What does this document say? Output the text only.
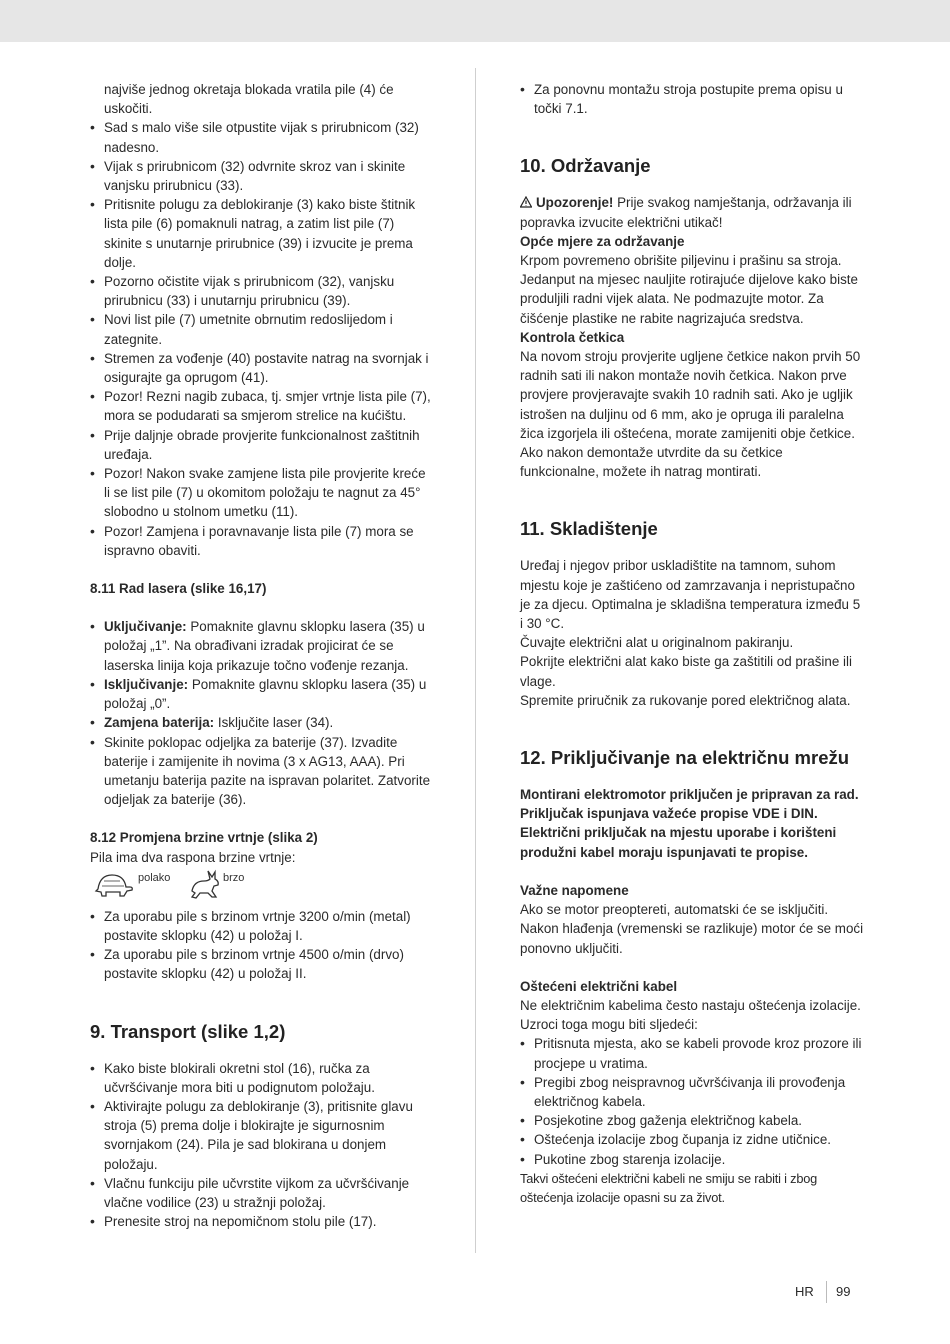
najviše jednog okretaja blokada vratila pile (4) će uskočiti.
• Sad s malo više sile otpustite vijak s prirubnicom (32) nadesno.
• Vijak s prirubnicom (32) odvrnite skroz van i skinite vanjsku prirubnicu (33).
• Pritisnite polugu za deblokiranje (3) kako biste štitnik lista pile (6) pomaknuli natrag, a zatim list pile (7) skinite s unutarnje prirubnice (39) i izvucite je prema dolje.
• Pozorno očistite vijak s prirubnicom (32), vanjsku prirubnicu (33) i unutarnju prirubnicu (39).
• Novi list pile (7) umetnite obrnutim redoslijedom i zategnite.
• Stremen za vođenje (40) postavite natrag na svornjak i osigurajte ga oprugom (41).
• Pozor! Rezni nagib zubaca, tj. smjer vrtnje lista pile (7), mora se podudarati sa smjerom strelice na kućištu.
• Prije daljnje obrade provjerite funkcionalnost zaštitnih uređaja.
• Pozor! Nakon svake zamjene lista pile provjerite kreće li se list pile (7) u okomitom položaju te nagnut za 45° slobodno u stolnom umetku (11).
• Pozor! Zamjena i poravnavanje lista pile (7) mora se ispravno obaviti.

8.11 Rad lasera (slike 16,17)

• Uključivanje: Pomaknite glavnu sklopku lasera (35) u položaj „1”. Na obrađivani izradak projicirat će se laserska linija koja prikazuje točno vođenje rezanja.
• Isključivanje: Pomaknite glavnu sklopku lasera (35) u položaj „0”.
• Zamjena baterija: Isključite laser (34).
• Skinite poklopac odjeljka za baterije (37). Izvadite baterije i zamijenite ih novima (3 x AG13, AAA). Pri umetanju baterija pazite na ispravan polaritet. Zatvorite odjeljak za baterije (36).

8.12 Promjena brzine vrtnje (slika 2)

Pila ima dva raspona brzine vrtnje:

polako	brzo
• Za uporabu pile s brzinom vrtnje 3200 o/min (metal) postavite sklopku (42) u položaj I.
• Za uporabu pile s brzinom vrtnje 4500 o/min (drvo) postavite sklopku (42) u položaj II.

9. Transport (slike 1,2)

• Kako biste blokirali okretni stol (16), ručka za učvršćivanje mora biti u podignutom položaju.
• Aktivirajte polugu za deblokiranje (3), pritisnite glavu stroja (5) prema dolje i blokirajte je sigurnosnim svornjakom (24). Pila je sad blokirana u donjem položaju.
• Vlačnu funkciju pile učvrstite vijkom za učvršćivanje vlačne vodilice (23) u stražnji položaj.
• Prenesite stroj na nepomičnom stolu pile (17).
• Za ponovnu montažu stroja postupite prema opisu u točki 7.1.

10. Održavanje

Upozorenje! Prije svakog namještanja, održavanja ili popravka izvucite električni utikač!

Opće mjere za održavanje

Krpom povremeno obrišite piljevinu i prašinu sa stroja. Jedanput na mjesec nauljite rotirajuće dijelove kako biste produljili radni vijek alata. Ne podmazujte motor. Za čišćenje plastike ne rabite nagrizajuća sredstva.

Kontrola četkica

Na novom stroju provjerite ugljene četkice nakon prvih 50 radnih sati ili nakon montaže novih četkica. Nakon prve provjere provjeravajte svakih 10 radnih sati. Ako je ugljik istrošen na duljinu od 6 mm, ako je opruga ili paralelna žica izgorjela ili oštećena, morate zamijeniti obje četkice. Ako nakon demontaže utvrdite da su četkice funkcionalne, možete ih natrag montirati.

11. Skladištenje

Uređaj i njegov pribor uskladištite na tamnom, suhom mjestu koje je zaštićeno od zamrzavanja i nepristupačno je za djecu. Optimalna je skladišna temperatura između 5 i 30 °C.

Čuvajte električni alat u originalnom pakiranju.

Pokrijte električni alat kako biste ga zaštitili od prašine ili vlage.

Spremite priručnik za rukovanje pored električnog alata.

12. Priključivanje na električnu mrežu

Montirani elektromotor priključen je pripravan za rad. Priključak ispunjava važeće propise VDE i DIN. Električni priključak na mjestu uporabe i korišteni produžni kabel moraju ispunjavati te propise.

Važne napomene

Ako se motor preoptereti, automatski će se isključiti. Nakon hlađenja (vremenski se razlikuje) motor će se moći ponovno uključiti.

Oštećeni električni kabel

Ne električnim kabelima često nastaju oštećenja izolacije.

Uzroci toga mogu biti sljedeći:

• Pritisnuta mjesta, ako se kabeli provode kroz prozore ili procjepe u vratima.
• Pregibi zbog neispravnog učvršćivanja ili provođenja električnog kabela.
• Posjekotine zbog gaženja električnog kabela.
• Oštećenja izolacije zbog čupanja iz zidne utičnice.
• Pukotine zbog starenja izolacije.

Takvi oštećeni električni kabeli ne smiju se rabiti i zbog oštećenja izolacije opasni su za život.

HR 99
